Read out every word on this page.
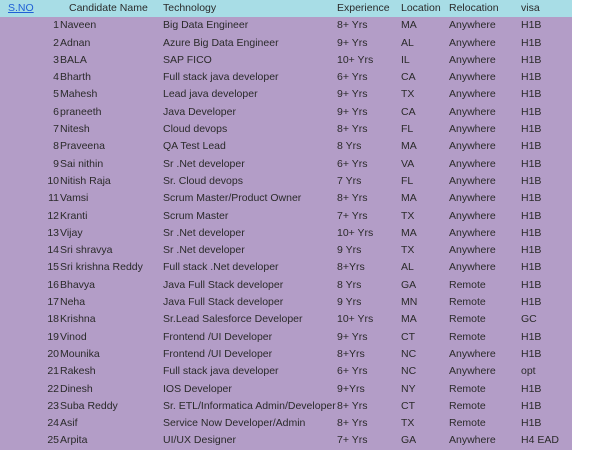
S.NO	Candidate Name	Technology	Experience	Location Relocation	visa
1 Naveen	Big Data Engineer	8+ Yrs	MA	Anywhere	H1B
2 Adnan	Azure Big Data Engineer	9+ Yrs	AL	Anywhere	H1B
3 BALA	SAP FICO	10+ Yrs	IL	Anywhere	H1B
4 Bharth	Full stack java developer	6+ Yrs	CA	Anywhere	H1B
5 Mahesh	Lead java developer	9+ Yrs	TX	Anywhere	H1B
6 praneeth	Java Developer	9+ Yrs	CA	Anywhere	H1B
7 Nitesh	Cloud devops	8+ Yrs	FL	Anywhere	H1B
8 Praveena	QA Test Lead	8 Yrs	MA	Anywhere	H1B
9 Sai nithin	Sr .Net developer	6+ Yrs	VA	Anywhere	H1B
10 Nitish Raja	Sr. Cloud devops	7 Yrs	FL	Anywhere	H1B
11 Vamsi	Scrum Master/Product Owner	8+ Yrs	MA	Anywhere	H1B
12 Kranti	Scrum Master	7+ Yrs	TX	Anywhere	H1B
13 Vijay	Sr .Net developer	10+ Yrs	MA	Anywhere	H1B
14 Sri shravya	Sr .Net developer	9 Yrs	TX	Anywhere	H1B
15 Sri krishna Reddy	Full stack .Net developer	8+Yrs	AL	Anywhere	H1B
16 Bhavya	Java Full Stack developer	8 Yrs	GA	Remote	H1B
17 Neha	Java Full Stack developer	9 Yrs	MN	Remote	H1B
18 Krishna	Sr.Lead Salesforce Developer	10+ Yrs	MA	Remote	GC
19 Vinod	Frontend /UI Developer	9+ Yrs	CT	Remote	H1B
20 Mounika	Frontend /UI Developer	8+Yrs	NC	Anywhere	H1B
21 Rakesh	Full stack java developer	6+ Yrs	NC	Anywhere	opt
22 Dinesh	IOS Developer	9+Yrs	NY	Remote	H1B
23 Suba Reddy	Sr. ETL/Informatica Admin/Developer 8+ Yrs	CT	Remote	H1B
24 Asif	Service Now Developer/Admin	8+ Yrs	TX	Remote	H1B
25 Arpita	UI/UX Designer	7+ Yrs	GA	Anywhere	H4 EAD
